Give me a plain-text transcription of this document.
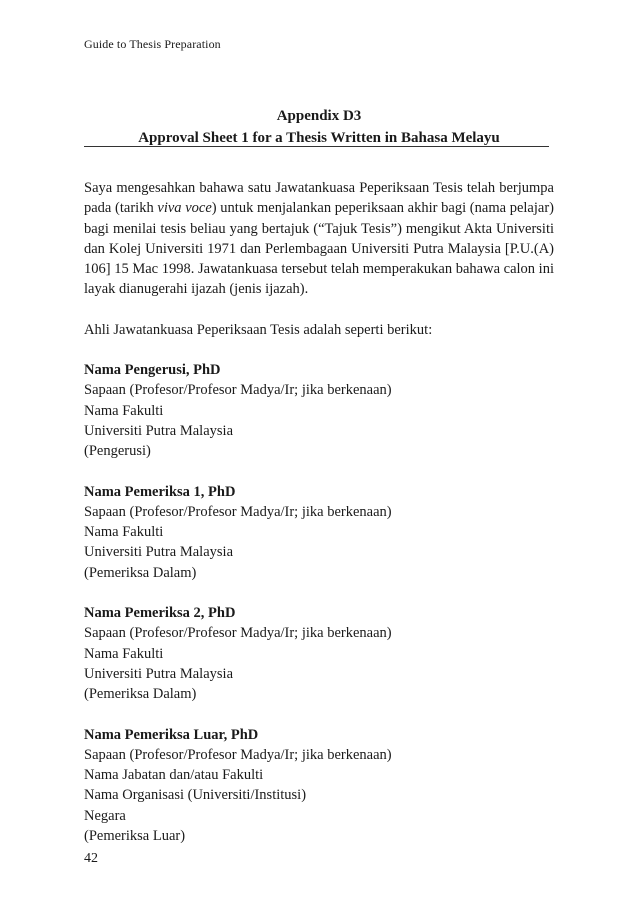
Guide to Thesis Preparation
Appendix D3
Approval Sheet 1 for a Thesis Written in Bahasa Melayu

Saya mengesahkan bahawa satu Jawatankuasa Peperiksaan Tesis telah berjumpa pada (tarikh viva voce) untuk menjalankan peperiksaan akhir bagi (nama pelajar) bagi menilai tesis beliau yang bertajuk (“Tajuk Tesis”) mengikut Akta Universiti dan Kolej Universiti 1971 dan Perlembagaan Universiti Putra Malaysia [P.U.(A) 106] 15 Mac 1998. Jawatankuasa tersebut telah memperakukan bahawa calon ini layak dianugerahi ijazah (jenis ijazah).

Ahli Jawatankuasa Peperiksaan Tesis adalah seperti berikut:

Nama Pengerusi, PhD
Sapaan (Profesor/Profesor Madya/Ir; jika berkenaan)
Nama Fakulti
Universiti Putra Malaysia
(Pengerusi)
Nama Pemeriksa 1, PhD
Sapaan (Profesor/Profesor Madya/Ir; jika berkenaan)
Nama Fakulti
Universiti Putra Malaysia
(Pemeriksa Dalam)
Nama Pemeriksa 2, PhD
Sapaan (Profesor/Profesor Madya/Ir; jika berkenaan)
Nama Fakulti
Universiti Putra Malaysia
(Pemeriksa Dalam)
Nama Pemeriksa Luar, PhD
Sapaan (Profesor/Profesor Madya/Ir; jika berkenaan)
Nama Jabatan dan/atau Fakulti
Nama Organisasi (Universiti/Institusi)
Negara
(Pemeriksa Luar)
42
